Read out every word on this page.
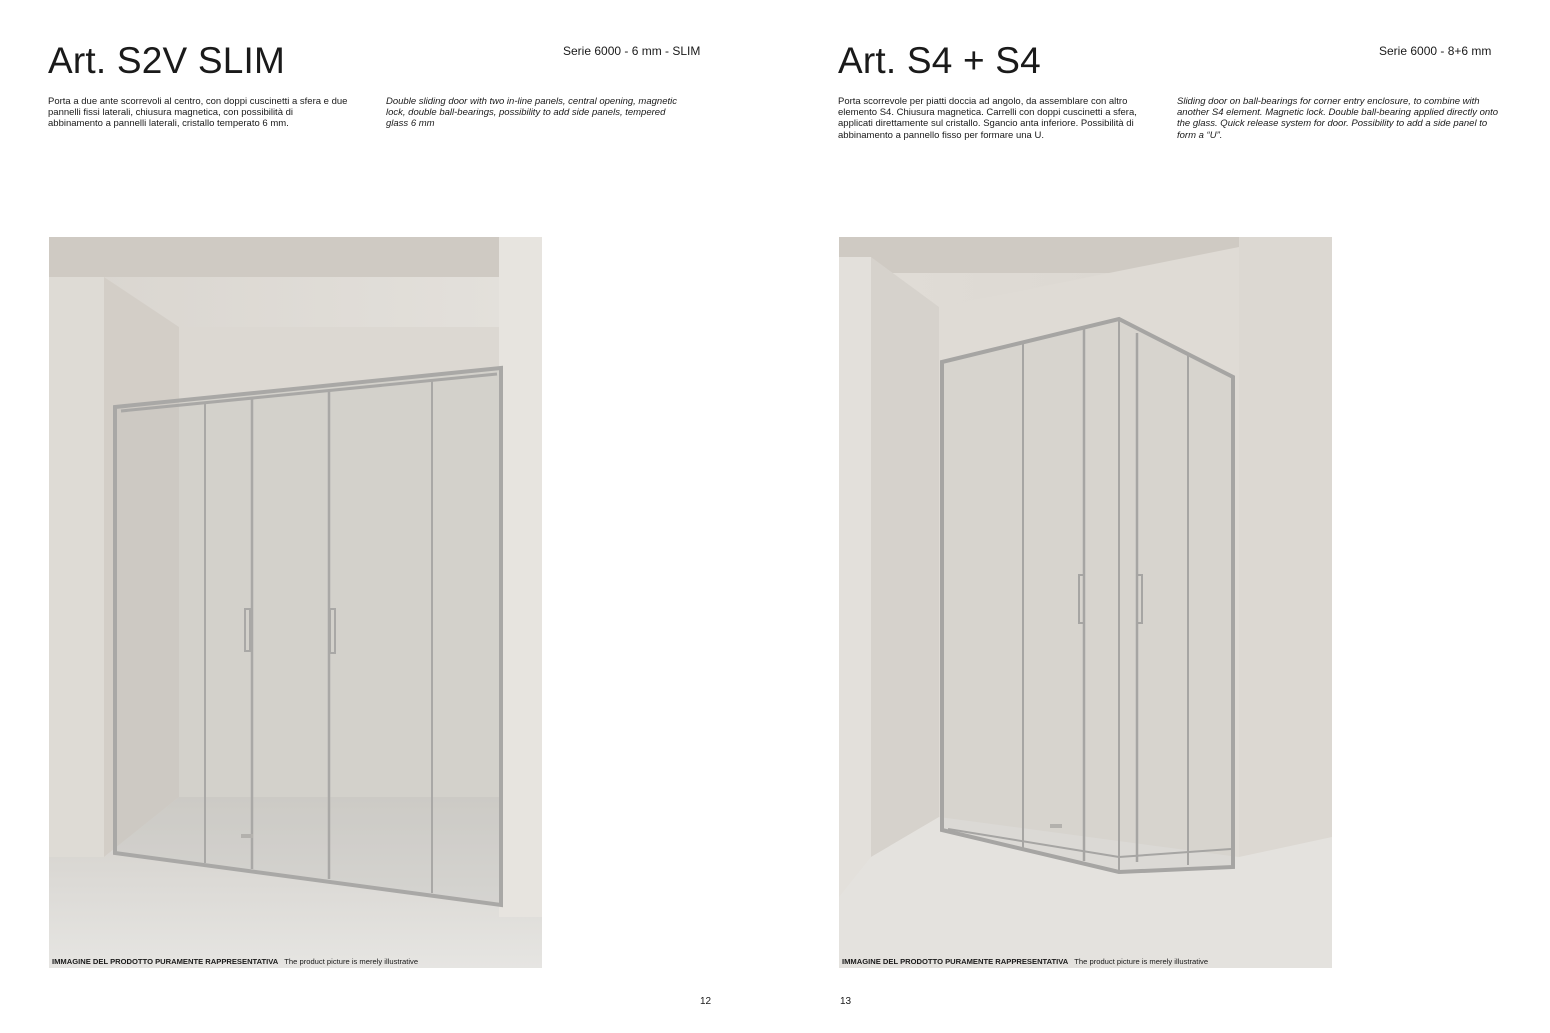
Art. S2V SLIM	Serie 6000 - 6 mm - SLIM

Porta a due ante scorrevoli al centro, con doppi cuscinetti a sfera e due pannelli fissi laterali, chiusura magnetica, con possibilità di abbinamento a pannelli laterali, cristallo temperato 6 mm.

Double sliding door with two in-line panels, central opening, magnetic lock, double ball-bearings, possibility to add side panels, tempered glass 6 mm

IMMAGINE DEL PRODOTTO PURAMENTE RAPPRESENTATIVA The product picture is merely illustrative
12
Art. S4 + S4	Serie 6000 - 8+6 mm

Porta scorrevole per piatti doccia ad angolo, da assemblare con altro elemento S4. Chiusura magnetica. Carrelli con doppi cuscinetti a sfera, applicati direttamente sul cristallo. Sgancio anta inferiore. Possibilità di abbinamento a pannello fisso per formare una U.

Sliding door on ball-bearings for corner entry enclosure, to combine with another S4 element. Magnetic lock. Double ball-bearing applied directly onto the glass. Quick release system for door. Possibility to add a side panel to form a “U”.

IMMAGINE DEL PRODOTTO PURAMENTE RAPPRESENTATIVA The product picture is merely illustrative
13
